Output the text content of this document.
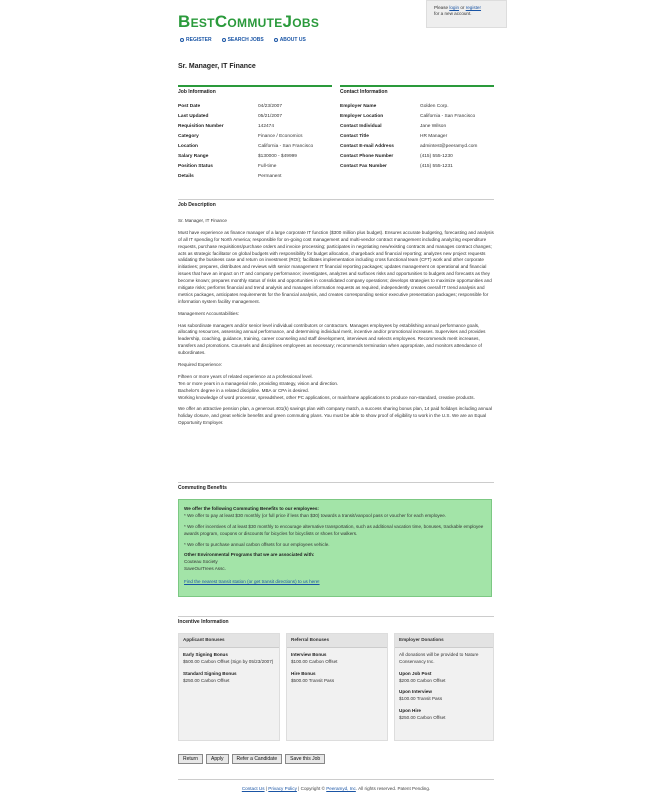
BestCommuteJobs
Please login or register
for a new account.
REGISTER	SEARCH JOBS	ABOUT US
Sr. Manager, IT Finance
Job Information
Post Date	04/23/2007
Last Updated	05/21/2007
Requisition Number	142474
Category	Finance / Economics
Location	California - San Francisco
Salary Range	$130000 - $49999
Position Status	Full-time
Details	Permanent
Contact Information
Employer Name	Golden Corp.
Employer Location	California - San Francisco
Contact Individual	Jane Wilson
Contact Title	HR Manager
Contact E-mail Address	admintest@peeramyd.com
Contact Phone Number	(415) 555-1230
Contact Fax Number	(415) 555-1231
Job Description

Sr. Manager, IT Finance

Must have experience as finance manager of a large corporate IT function ($300 million plus budget). Ensures accurate budgeting, forecasting and analysis of all IT spending for North America; responsible for on-going cost management and multi-vendor contract management including analyzing expenditure requests, purchase requisitions/purchase orders and invoice processing; participates in negotiating new/existing contracts and manages contract changes; acts as strategic facilitator on global budgets with responsibility for budget allocation, chargeback and financial reporting; analyzes new project requests validating the business case and return on investment (ROI); facilitates implementation including cross functional team (CFT) work and other corporate initiatives; prepares, distributes and reviews with senior management IT financial reporting packages; updates management on operational and financial issues that have an impact on IT and company performance; investigates, analyzes and surfaces risks and opportunities to budgets and forecasts as they become known; prepares monthly status of risks and opportunities in consolidated company operations; develops strategies to maximize opportunities and mitigate risks; performs financial and trend analysis and manages information requests as required, independently creates overall IT trend analysis and metrics packages, anticipates requirements for the financial analysis, and creates corresponding senior executive presentation packages; responsible for information system facility management.

Management Accountabilities:

Has subordinate managers and/or senior level individual contributors or contractors. Manages employees by establishing annual performance goals, allocating resources, assessing annual performance, and determining individual merit, incentive and/or promotional increases. Supervises and provides leadership, coaching, guidance, training, career counseling and staff development, interviews and selects employees. Recommends merit increases, transfers and promotions. Counsels and disciplines employees as necessary; recommends termination when appropriate, and monitors attendance of subordinates.

Required Experience:

Fifteen or more years of related experience at a professional level.
Ten or more years in a managerial role, providing strategy, vision and direction.
Bachelor's degree in a related discipline. MBA or CPA is desired.
Working knowledge of word processor, spreadsheet, other PC applications, or mainframe applications to produce non-standard, creative products.

We offer an attractive pension plan, a generous 401(k) savings plan with company match, a success sharing bonus plan, 14 paid holidays including annual holiday closure, and great vehicle benefits and green commuting plans. You must be able to show proof of eligibility to work in the U.S. We are an Equal Opportunity Employer.

Commuting Benefits
We offer the following Commuting Benefits to our employees:
* We offer to pay at least $30 monthly (or full price if less than $30) towards a transit/vanpool pass or voucher for each employee.
* We offer incentives of at least $30 monthly to encourage alternative transportation, such as additional vacation time, bonuses, trackable employee awards program, coupons or discounts for bicycles for bicyclists or shoes for walkers.
* We offer to purchase annual carbon offsets for our employees vehicle.
Other Environmental Programs that we are associated with:
Couteau Society
SaveOurTrees Assc.
Find the nearest transit station (or get transit directions) to us here!
Incentive Information
Applicant Bonuses
Early Signing Bonus
$500.00 Carbon Offset (Sign by 05/23/2007)
Standard Signing Bonus
$250.00 Carbon Offset
Referral Bonuses
Interview Bonus
$100.00 Carbon Offset
Hire Bonus
$500.00 Transit Pass
Employer Donations
All donations will be provided to Nature Conservancy Inc.
Upon Job Post
$200.00 Carbon Offset
Upon Interview
$100.00 Transit Pass
Upon Hire
$250.00 Carbon Offset
Return	Apply	Refer a Candidate	Save this Job
Contact Us | Privacy Policy | Copyright © Peeramyd, Inc. All rights reserved. Patent Pending.
